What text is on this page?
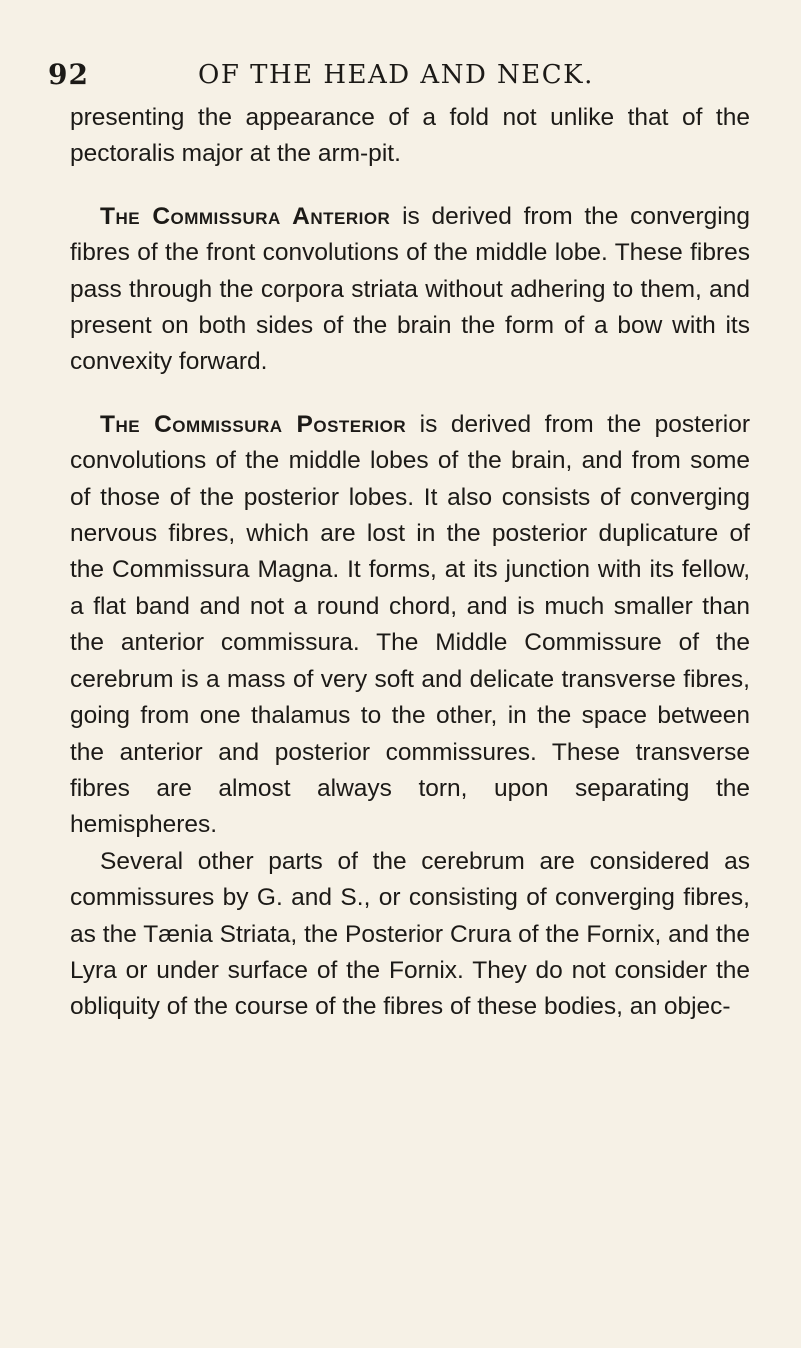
92	OF THE HEAD AND NECK.

presenting the appearance of a fold not unlike that of the pectoralis major at the arm-pit.

The Commissura Anterior is derived from the converging fibres of the front convolutions of the middle lobe. These fibres pass through the corpora striata without adhering to them, and present on both sides of the brain the form of a bow with its convexity forward.

The Commissura Posterior is derived from the posterior convolutions of the middle lobes of the brain, and from some of those of the posterior lobes. It also consists of converging nervous fibres, which are lost in the posterior duplicature of the Commissura Magna. It forms, at its junction with its fellow, a flat band and not a round chord, and is much smaller than the anterior commissura. The Middle Commissure of the cerebrum is a mass of very soft and delicate transverse fibres, going from one thalamus to the other, in the space between the anterior and posterior commissures. These transverse fibres are almost always torn, upon separating the hemispheres.

Several other parts of the cerebrum are considered as commissures by G. and S., or consisting of converging fibres, as the Tænia Striata, the Posterior Crura of the Fornix, and the Lyra or under surface of the Fornix. They do not consider the obliquity of the course of the fibres of these bodies, an objec-
